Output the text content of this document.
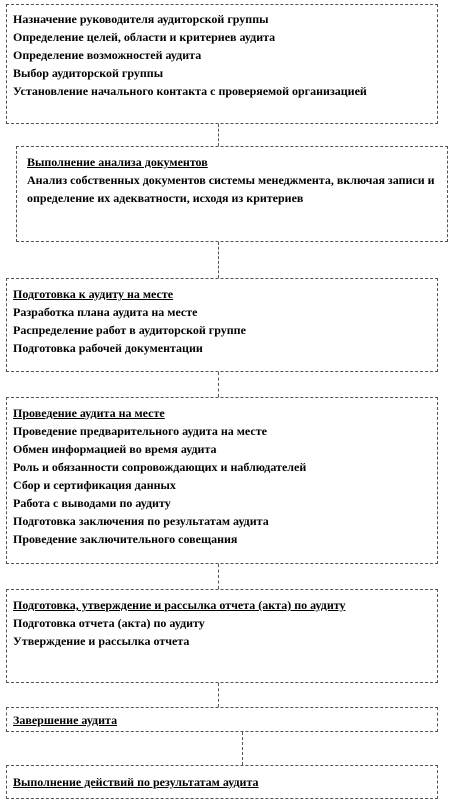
Назначение руководителя аудиторской группы
Определение целей, области и критериев аудита
Определение возможностей аудита
Выбор аудиторской группы
Установление начального контакта с проверяемой организацией
Выполнение анализа документов
Анализ собственных документов системы менеджмента, включая записи и определение их адекватности, исходя из критериев
Подготовка к аудиту на месте
Разработка плана аудита на месте
Распределение работ в аудиторской группе
Подготовка рабочей документации
Проведение аудита на месте
Проведение предварительного аудита на месте
Обмен информацией во время аудита
Роль и обязанности сопровождающих и наблюдателей
Сбор и сертификация данных
Работа с выводами по аудиту
Подготовка заключения по результатам аудита
Проведение заключительного совещания
Подготовка, утверждение и рассылка отчета (акта) по аудиту
Подготовка отчета (акта) по аудиту
Утверждение и рассылка отчета
Завершение аудита
Выполнение действий по результатам аудита
